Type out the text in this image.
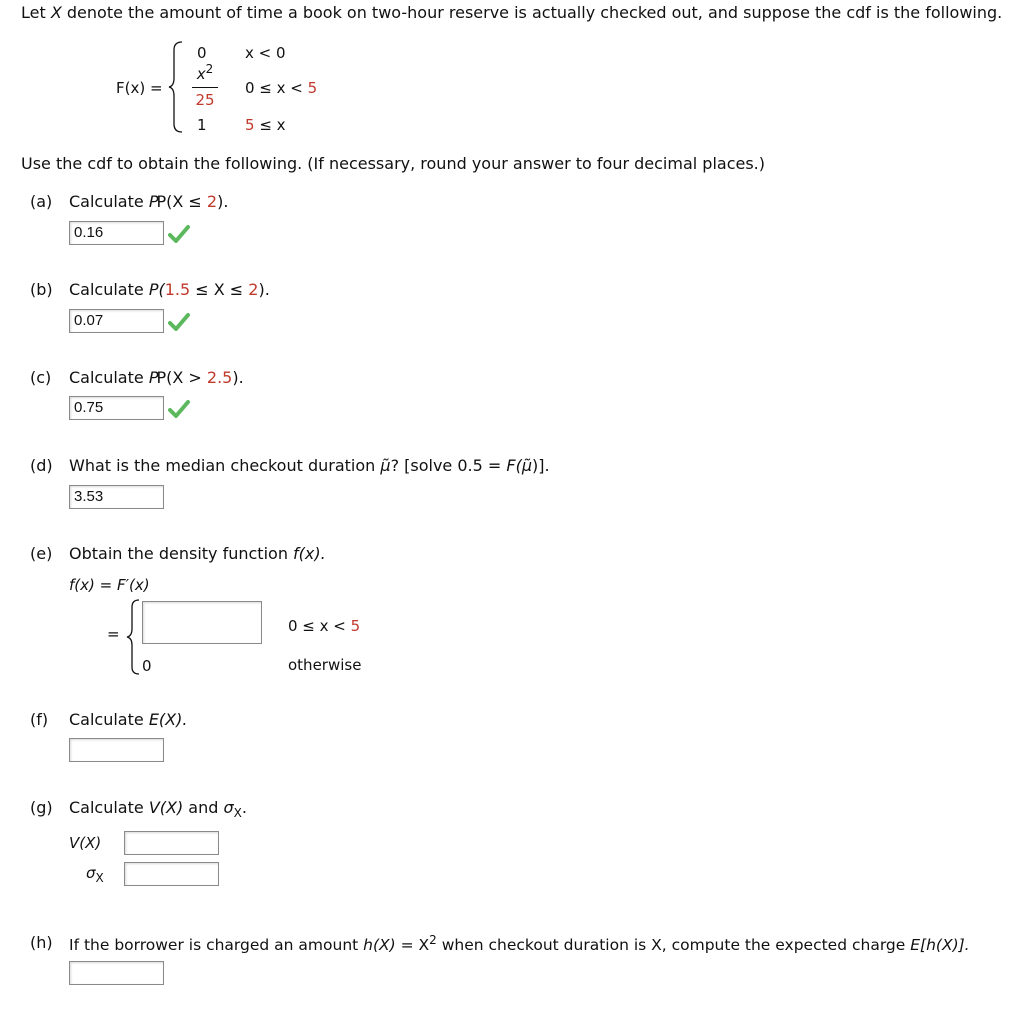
Let X denote the amount of time a book on two-hour reserve is actually checked out, and suppose the cdf is the following.
F(x) =
0	x < 0
$x^2$
25
0 ≤ x < 5
1	5 ≤ x
Use the cdf to obtain the following. (If necessary, round your answer to four decimal places.)
(a) Calculate PP(X ≤ 2).
0.16
(b) Calculate P(1.5 ≤ X ≤ 2).
0.07
(c) Calculate PP(X > 2.5).
0.75
(d) What is the median checkout duration μ̃? [solve 0.5 = F(μ̃)].
3.53
(e) Obtain the density function f(x).
f(x) = F′(x)
=
0
0 ≤ x < 5
otherwise
(f) Calculate E(X).
(g) Calculate V(X) and $\sigma_X$.
V(X)
$\sigma_X$
(h) If the borrower is charged an amount $h(X) = X^2$ when checkout duration is X, compute the expected charge E[h(X)].
